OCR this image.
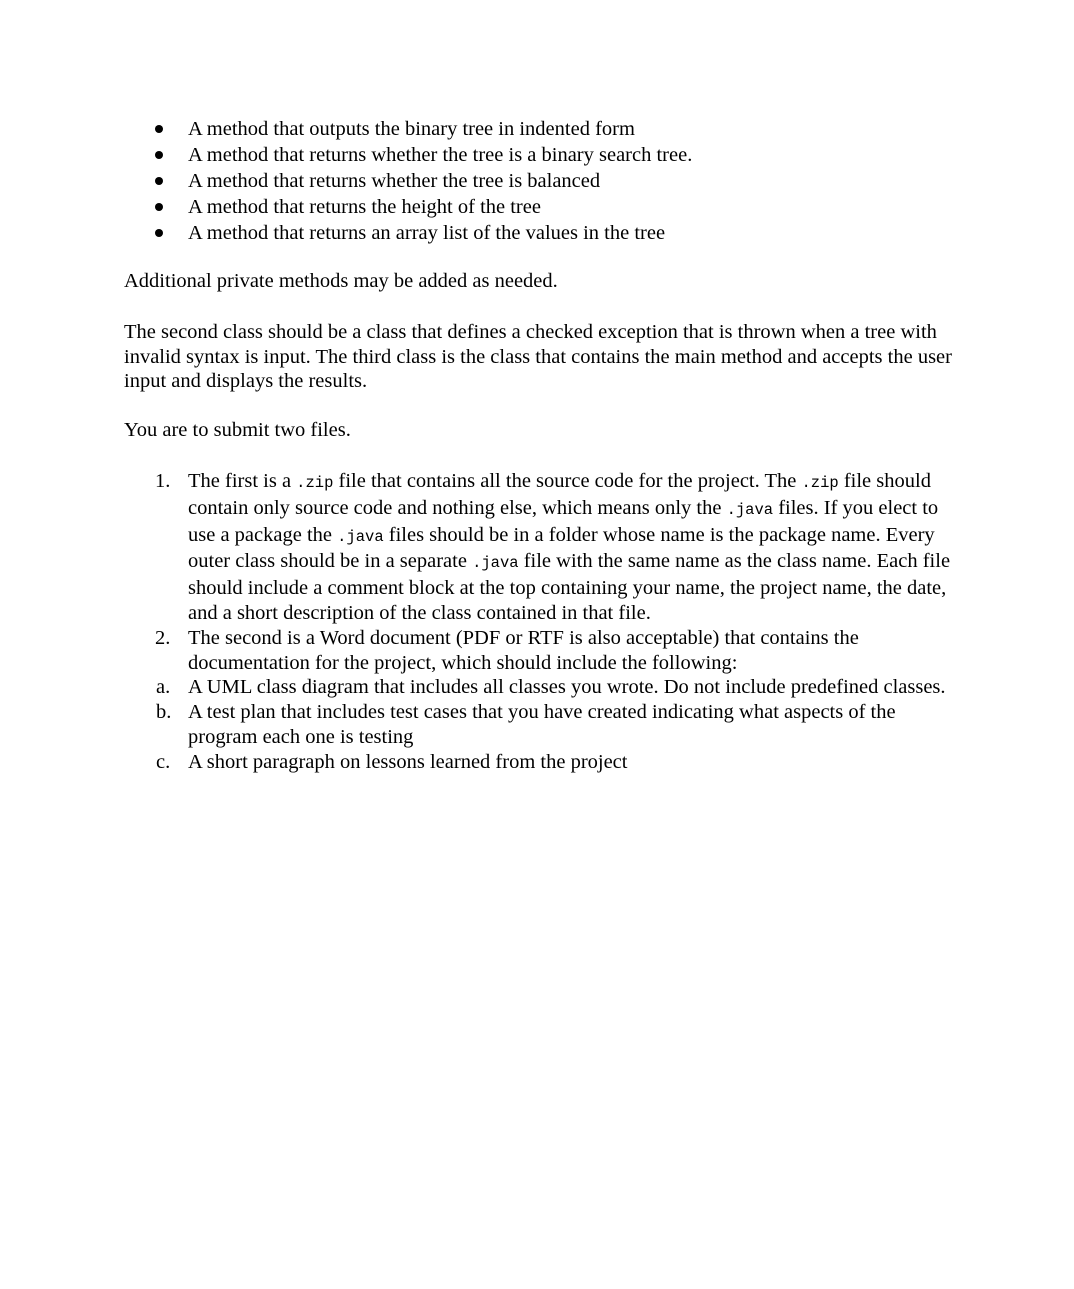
A method that outputs the binary tree in indented form
A method that returns whether the tree is a binary search tree.
A method that returns whether the tree is balanced
A method that returns the height of the tree
A method that returns an array list of the values in the tree

Additional private methods may be added as needed.

The second class should be a class that defines a checked exception that is thrown when a tree with invalid syntax is input. The third class is the class that contains the main method and accepts the user input and displays the results.

You are to submit two files.

1. The first is a .zip file that contains all the source code for the project. The .zip file should contain only source code and nothing else, which means only the .java files. If you elect to use a package the .java files should be in a folder whose name is the package name. Every outer class should be in a separate .java file with the same name as the class name. Each file should include a comment block at the top containing your name, the project name, the date, and a short description of the class contained in that file.
2. The second is a Word document (PDF or RTF is also acceptable) that contains the documentation for the project, which should include the following:
a. A UML class diagram that includes all classes you wrote. Do not include predefined classes.
b. A test plan that includes test cases that you have created indicating what aspects of the program each one is testing
c. A short paragraph on lessons learned from the project
